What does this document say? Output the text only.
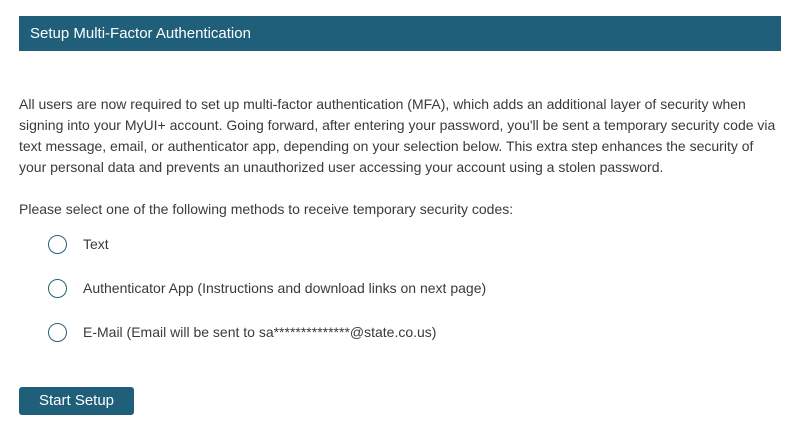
Setup Multi-Factor Authentication

All users are now required to set up multi-factor authentication (MFA), which adds an additional layer of security when signing into your MyUI+ account. Going forward, after entering your password, you'll be sent a temporary security code via text message, email, or authenticator app, depending on your selection below. This extra step enhances the security of your personal data and prevents an unauthorized user accessing your account using a stolen password.

Please select one of the following methods to receive temporary security codes:

Text
Authenticator App (Instructions and download links on next page)
E-Mail (Email will be sent to sa**************@state.co.us)
Start Setup
